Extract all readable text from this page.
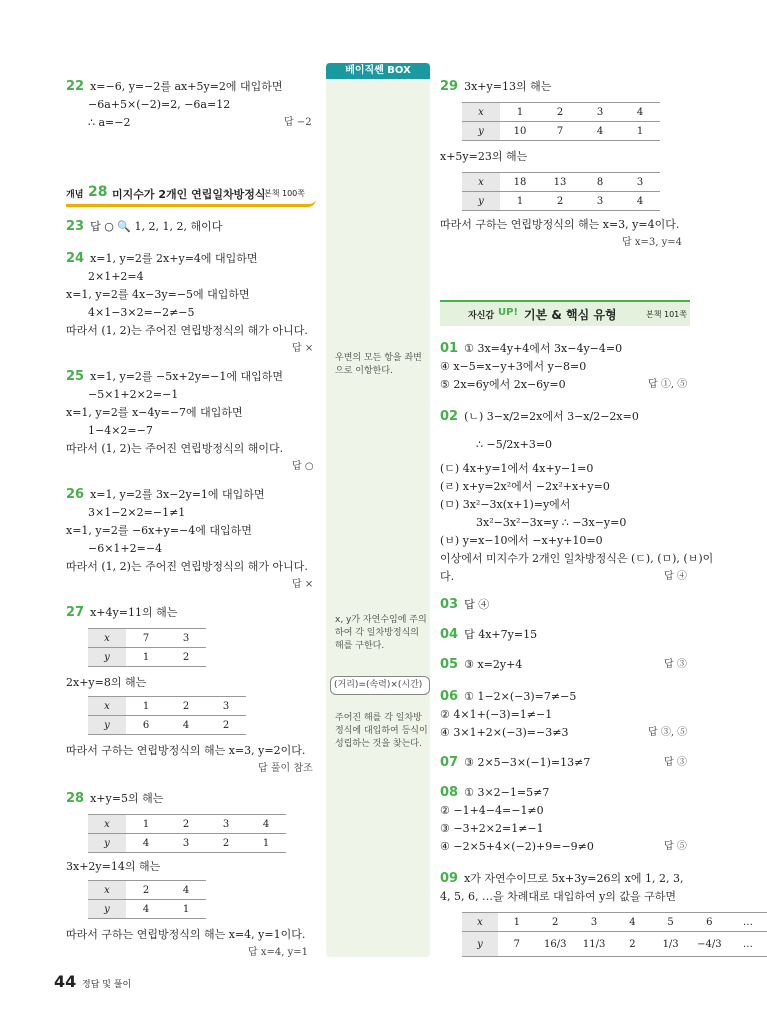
베이직쎈 BOX
우변의 모든 항을 좌변으로 이항한다.
x, y가 자연수임에 주의하여 각 일차방정식의 해를 구한다.
(거리)=(속력)×(시간)
주어진 해를 각 일차방정식에 대입하여 등식이 성립하는 것을 찾는다.
22 x=−6, y=−2를 ax+5y=2에 대입하면
−6a+5×(−2)=2, −6a=12
∴ a=−2	답 −2
개념 28 미지수가 2개인 연립일차방정식
본책 100쪽
23 답 ○ 🔍 1, 2, 1, 2, 해이다
24 x=1, y=2를 2x+y=4에 대입하면
2×1+2=4
x=1, y=2를 4x−3y=−5에 대입하면
4×1−3×2=−2≠−5
따라서 (1, 2)는 주어진 연립방정식의 해가 아니다.
답 ×
25 x=1, y=2를 −5x+2y=−1에 대입하면
−5×1+2×2=−1
x=1, y=2를 x−4y=−7에 대입하면
1−4×2=−7
따라서 (1, 2)는 주어진 연립방정식의 해이다.
답 ○
26 x=1, y=2를 3x−2y=1에 대입하면
3×1−2×2=−1≠1
x=1, y=2를 −6x+y=−4에 대입하면
−6×1+2=−4
따라서 (1, 2)는 주어진 연립방정식의 해가 아니다.
답 ×
27 x+4y=11의 해는
x	7	3
y	1	2
2x+y=8의 해는
x	1	2	3
y	6	4	2
따라서 구하는 연립방정식의 해는 x=3, y=2이다.
답 풀이 참조
28 x+y=5의 해는
x	1	2	3	4
y	4	3	2	1
3x+2y=14의 해는
x	2	4
y	4	1
따라서 구하는 연립방정식의 해는 x=4, y=1이다.
답 x=4, y=1
29 3x+y=13의 해는
x	1	2	3	4
y	10	7	4	1
x+5y=23의 해는
x	18	13	8	3
y	1	2	3	4
따라서 구하는 연립방정식의 해는 x=3, y=4이다.
답 x=3, y=4
자신감 UP! 기본 & 핵심 유형	본책 101쪽
01 ① 3x=4y+4에서 3x−4y−4=0
④ x−5=x−y+3에서 y−8=0
⑤ 2x=6y에서 2x−6y=0	답 ①, ⑤
02 (ㄴ) 3−x/2=2x에서 3−x/2−2x=0
∴ −5/2x+3=0
(ㄷ) 4x+y=1에서 4x+y−1=0
(ㄹ) x+y=2x²에서 −2x²+x+y=0
(ㅁ) 3x²−3x(x+1)=y에서
3x²−3x²−3x=y ∴ −3x−y=0
(ㅂ) y=x−10에서 −x+y+10=0
이상에서 미지수가 2개인 일차방정식은 (ㄷ), (ㅁ), (ㅂ)이
다.	답 ④
03 답 ④
04 답 4x+7y=15
05 ③ x=2y+4	답 ③
06 ① 1−2×(−3)=7≠−5
② 4×1+(−3)=1≠−1
④ 3×1+2×(−3)=−3≠3	답 ③, ⑤
07 ③ 2×5−3×(−1)=13≠7	답 ③
08 ① 3×2−1=5≠7
② −1+4−4=−1≠0
③ −3+2×2=1≠−1
④ −2×5+4×(−2)+9=−9≠0	답 ⑤
09 x가 자연수이므로 5x+3y=26의 x에 1, 2, 3,
4, 5, 6, …을 차례대로 대입하여 y의 값을 구하면
x	1	2	3	4	5	6	…
y	7	16/3	11/3	2	1/3	−4/3	…
44 정답 및 풀이
